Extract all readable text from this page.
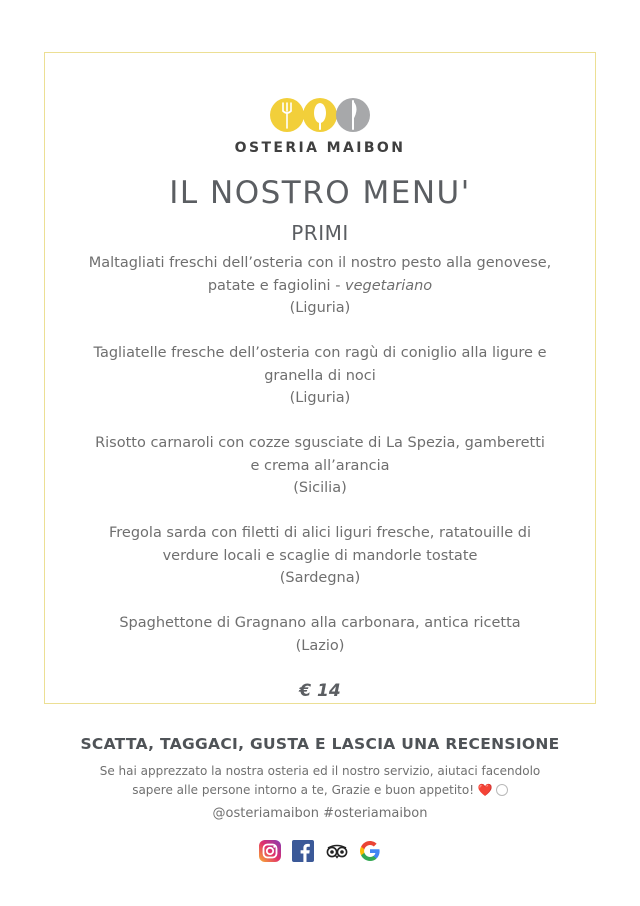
OSTERIA MAIBON
IL NOSTRO MENU'
PRIMI
Maltagliati freschi dell’osteria con il nostro pesto alla genovese,
patate e fagiolini - vegetariano
(Liguria)
Tagliatelle fresche dell’osteria con ragù di coniglio alla ligure e
granella di noci
(Liguria)
Risotto carnaroli con cozze sgusciate di La Spezia, gamberetti
e crema all’arancia
(Sicilia)
Fregola sarda con filetti di alici liguri fresche, ratatouille di
verdure locali e scaglie di mandorle tostate
(Sardegna)
Spaghettone di Gragnano alla carbonara, antica ricetta
(Lazio)
€ 14
SCATTA, TAGGACI, GUSTA E LASCIA UNA RECENSIONE
Se hai apprezzato la nostra osteria ed il nostro servizio, aiutaci facendolo
sapere alle persone intorno a te, Grazie e buon appetito! ❤️
@osteriamaibon #osteriamaibon
